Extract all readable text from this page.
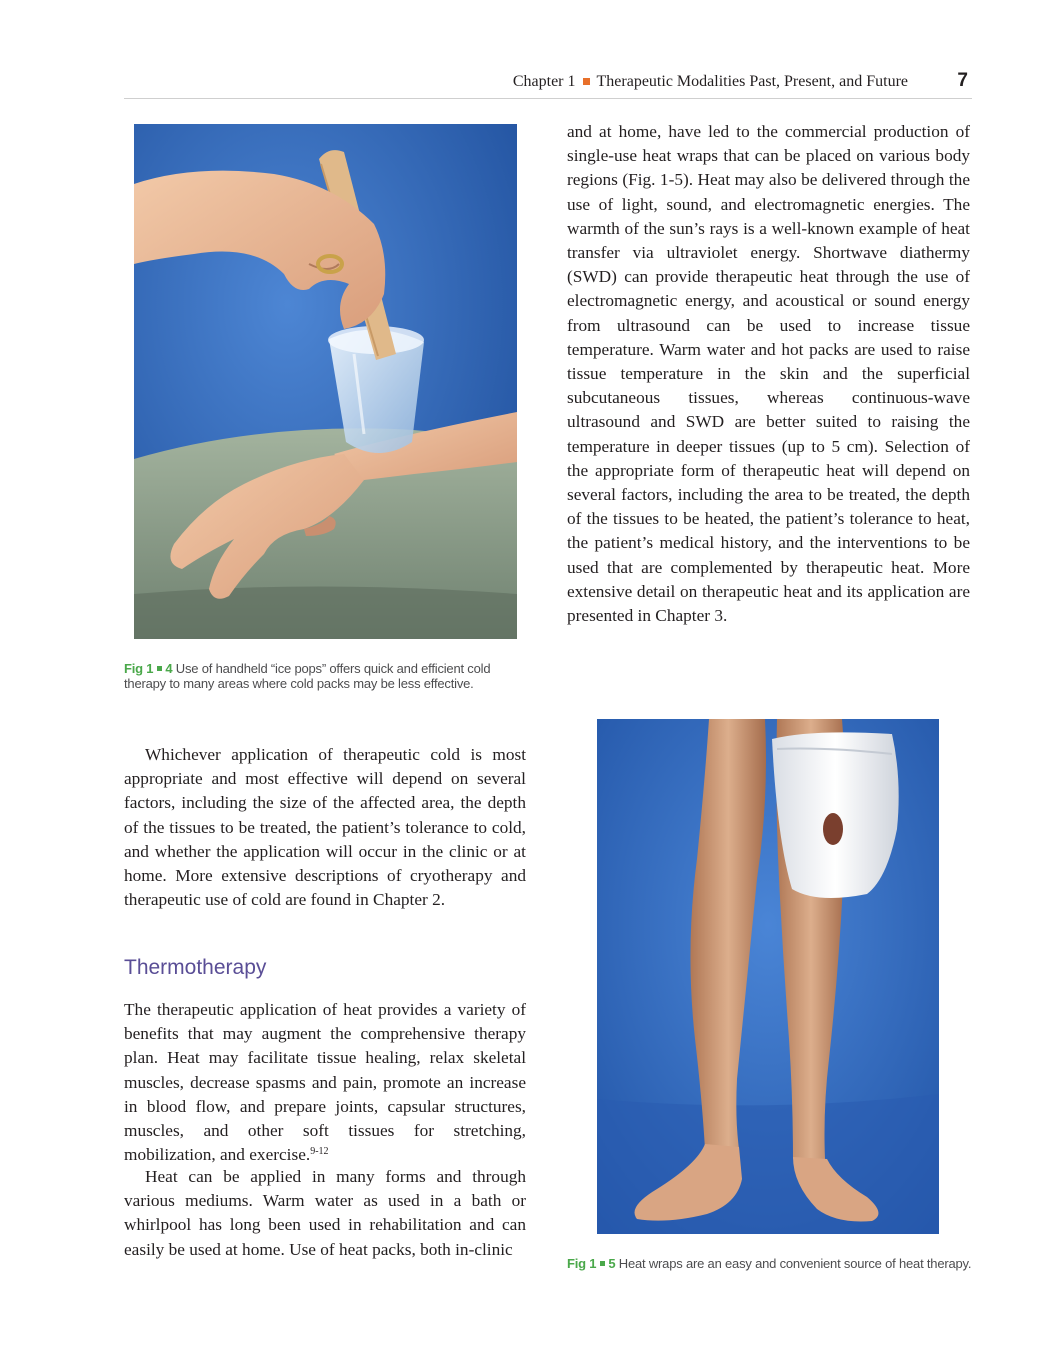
Chapter 1 Therapeutic Modalities Past, Present, and Future	7

Fig 1 4 Use of handheld “ice pops” offers quick and efficient cold therapy to many areas where cold packs may be less effective.

and at home, have led to the commercial production of single-use heat wraps that can be placed on various body regions (Fig. 1-5). Heat may also be delivered through the use of light, sound, and electromagnetic energies. The warmth of the sun’s rays is a well-known example of heat transfer via ultraviolet energy. Shortwave diathermy (SWD) can provide therapeutic heat through the use of electromagnetic energy, and acoustical or sound energy from ultrasound can be used to increase tissue temperature. Warm water and hot packs are used to raise tissue temperature in the skin and the superficial subcutaneous tissues, whereas continuous-wave ultrasound and SWD are better suited to raising the temperature in deeper tissues (up to 5 cm). Selection of the appropriate form of therapeutic heat will depend on several factors, including the area to be treated, the depth of the tissues to be heated, the patient’s tolerance to heat, the patient’s medical history, and the interventions to be used that are complemented by therapeutic heat. More extensive detail on therapeutic heat and its application are presented in Chapter 3.

Whichever application of therapeutic cold is most appropriate and most effective will depend on several factors, including the size of the affected area, the depth of the tissues to be treated, the patient’s tolerance to cold, and whether the application will occur in the clinic or at home. More extensive descriptions of cryotherapy and therapeutic use of cold are found in Chapter 2.

Thermotherapy

The therapeutic application of heat provides a variety of benefits that may augment the comprehensive therapy plan. Heat may facilitate tissue healing, relax skeletal muscles, decrease spasms and pain, promote an increase in blood flow, and prepare joints, capsular structures, muscles, and other soft tissues for stretching, mobilization, and exercise.$^{9-12}$

Heat can be applied in many forms and through various mediums. Warm water as used in a bath or whirlpool has long been used in rehabilitation and can easily be used at home. Use of heat packs, both in-clinic

Fig 1 5 Heat wraps are an easy and convenient source of heat therapy.
